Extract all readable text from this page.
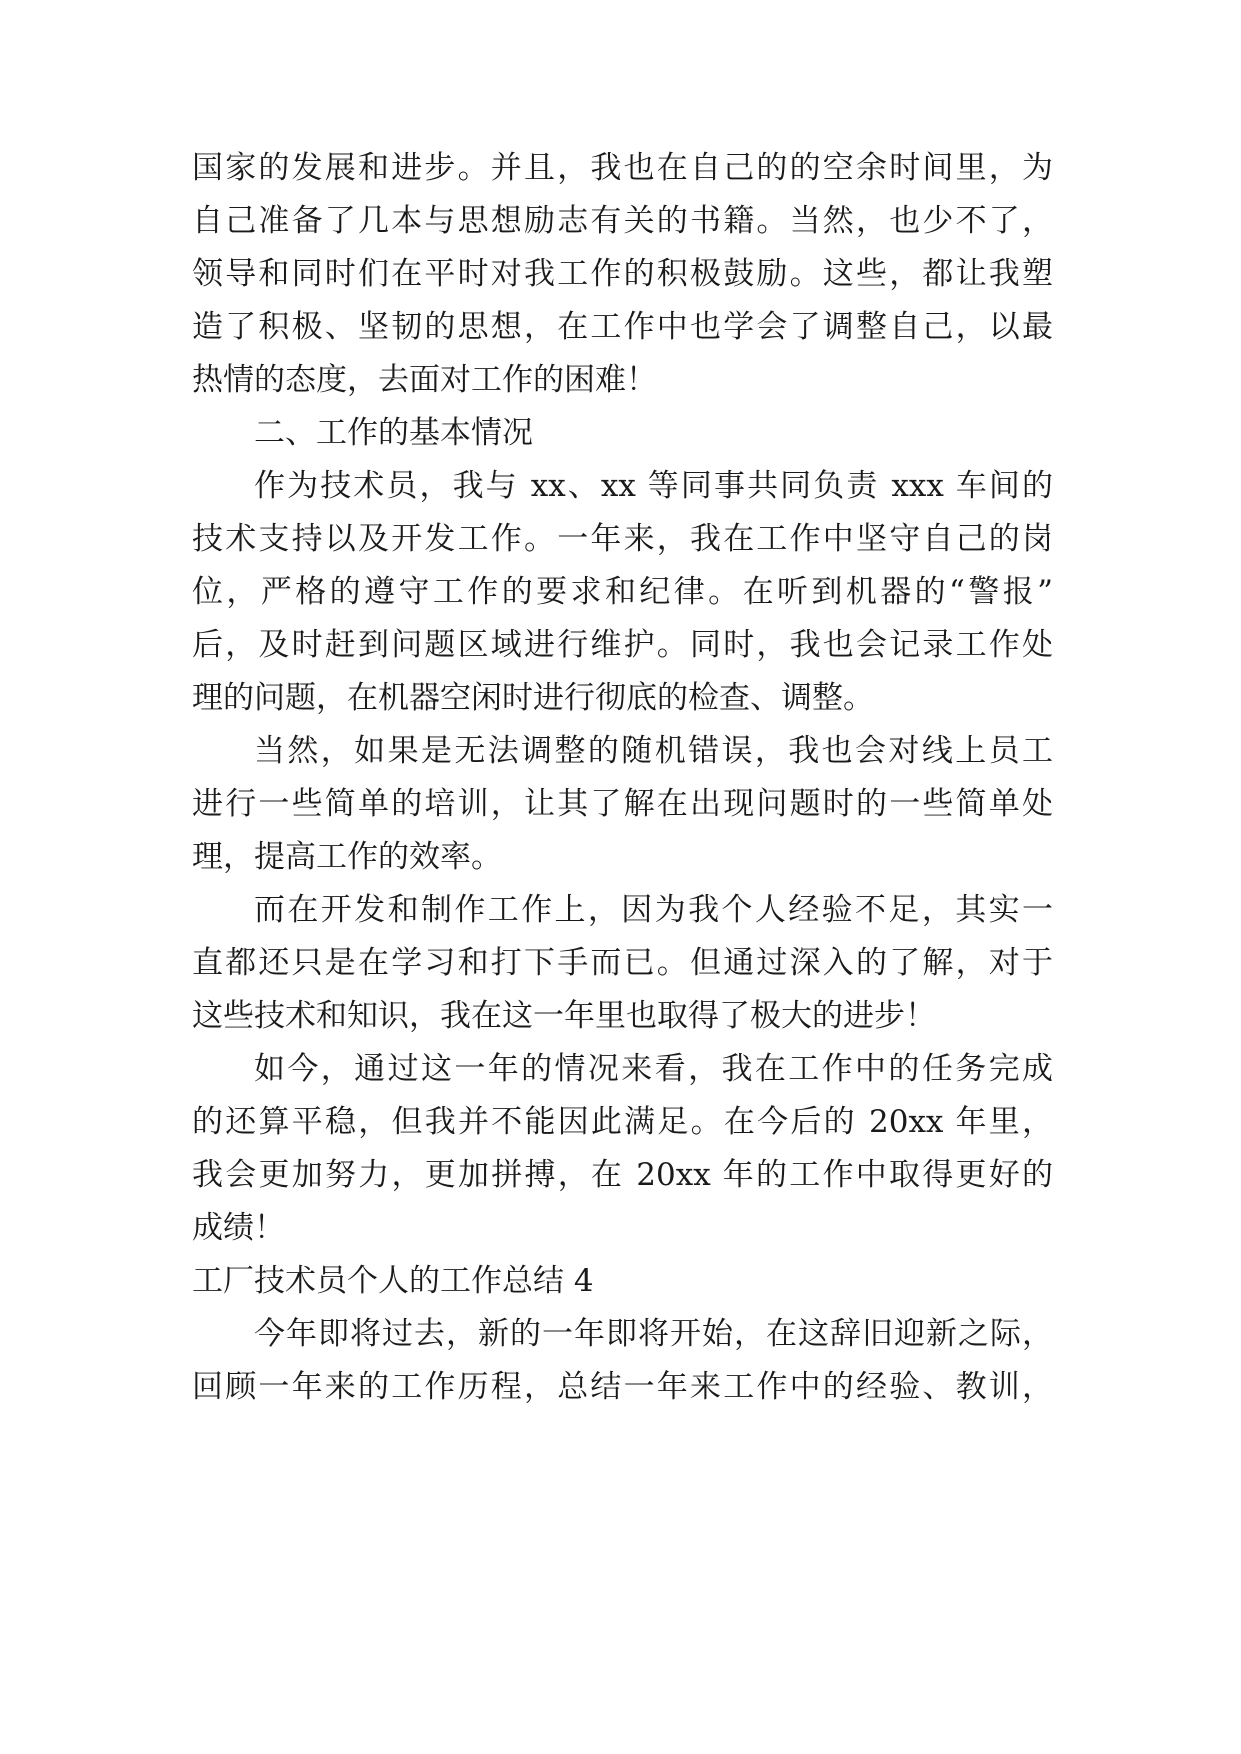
国家的发展和进步。并且，我也在自己的的空余时间里，为
自己准备了几本与思想励志有关的书籍。当然，也少不了，
领导和同时们在平时对我工作的积极鼓励。这些，都让我塑
造了积极、坚韧的思想，在工作中也学会了调整自己，以最
热情的态度，去面对工作的困难！
二、工作的基本情况
作为技术员，我与 xx、xx 等同事共同负责 xxx 车间的
技术支持以及开发工作。一年来，我在工作中坚守自己的岗
位，严格的遵守工作的要求和纪律。在听到机器的“警报”
后，及时赶到问题区域进行维护。同时，我也会记录工作处
理的问题，在机器空闲时进行彻底的检查、调整。
当然，如果是无法调整的随机错误，我也会对线上员工
进行一些简单的培训，让其了解在出现问题时的一些简单处
理，提高工作的效率。
而在开发和制作工作上，因为我个人经验不足，其实一
直都还只是在学习和打下手而已。但通过深入的了解，对于
这些技术和知识，我在这一年里也取得了极大的进步！
如今，通过这一年的情况来看，我在工作中的任务完成
的还算平稳，但我并不能因此满足。在今后的 20xx 年里，
我会更加努力，更加拼搏，在 20xx 年的工作中取得更好的
成绩！
工厂技术员个人的工作总结 4
今年即将过去，新的一年即将开始，在这辞旧迎新之际，
回顾一年来的工作历程，总结一年来工作中的经验、教训，
